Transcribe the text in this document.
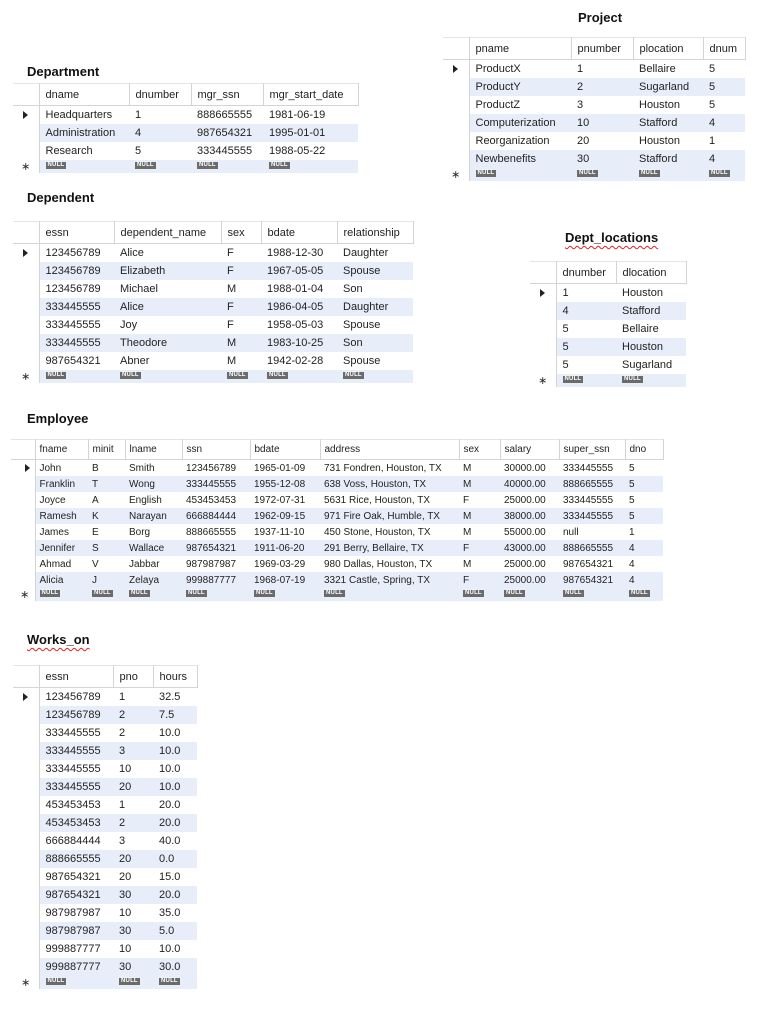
Project
	pname	pnumber	plocation	dnum
	ProductX	1	Bellaire	5
	ProductY	2	Sugarland	5
	ProductZ	3	Houston	5
	Computerization	10	Stafford	4
	Reorganization	20	Houston	1
	Newbenefits	30	Stafford	4

∗	NULL	NULL	NULL	NULL
Department
	dname	dnumber	mgr_ssn	mgr_start_date
	Headquarters	1	888665555	1981-06-19
	Administration	4	987654321	1995-01-01
	Research	5	333445555	1988-05-22

∗	NULL	NULL	NULL	NULL
Dependent
	essn	dependent_name	sex	bdate	relationship
	123456789	Alice	F	1988-12-30	Daughter
	123456789	Elizabeth	F	1967-05-05	Spouse
	123456789	Michael	M	1988-01-04	Son
	333445555	Alice	F	1986-04-05	Daughter
	333445555	Joy	F	1958-05-03	Spouse
	333445555	Theodore	M	1983-10-25	Son
	987654321	Abner	M	1942-02-28	Spouse

∗	NULL	NULL	NULL	NULL	NULL
Dept_locations
	dnumber	dlocation
	1	Houston
	4	Stafford
	5	Bellaire
	5	Houston
	5	Sugarland

∗	NULL	NULL
Employee
	fname	minit	lname	ssn	bdate	address	sex	salary	super_ssn	dno
	John	B	Smith	123456789	1965-01-09	731 Fondren, Houston, TX	M	30000.00	333445555	5
	Franklin	T	Wong	333445555	1955-12-08	638 Voss, Houston, TX	M	40000.00	888665555	5
	Joyce	A	English	453453453	1972-07-31	5631 Rice, Houston, TX	F	25000.00	333445555	5
	Ramesh	K	Narayan	666884444	1962-09-15	971 Fire Oak, Humble, TX	M	38000.00	333445555	5
	James	E	Borg	888665555	1937-11-10	450 Stone, Houston, TX	M	55000.00	null	1
	Jennifer	S	Wallace	987654321	1911-06-20	291 Berry, Bellaire, TX	F	43000.00	888665555	4
	Ahmad	V	Jabbar	987987987	1969-03-29	980 Dallas, Houston, TX	M	25000.00	987654321	4
	Alicia	J	Zelaya	999887777	1968-07-19	3321 Castle, Spring, TX	F	25000.00	987654321	4

∗	NULL	NULL	NULL	NULL	NULL	NULL	NULL	NULL	NULL	NULL
Works_on
	essn	pno	hours
	123456789	1	32.5
	123456789	2	7.5
	333445555	2	10.0
	333445555	3	10.0
	333445555	10	10.0
	333445555	20	10.0
	453453453	1	20.0
	453453453	2	20.0
	666884444	3	40.0
	888665555	20	0.0
	987654321	20	15.0
	987654321	30	20.0
	987987987	10	35.0
	987987987	30	5.0
	999887777	10	10.0
	999887777	30	30.0

∗	NULL	NULL	NULL
